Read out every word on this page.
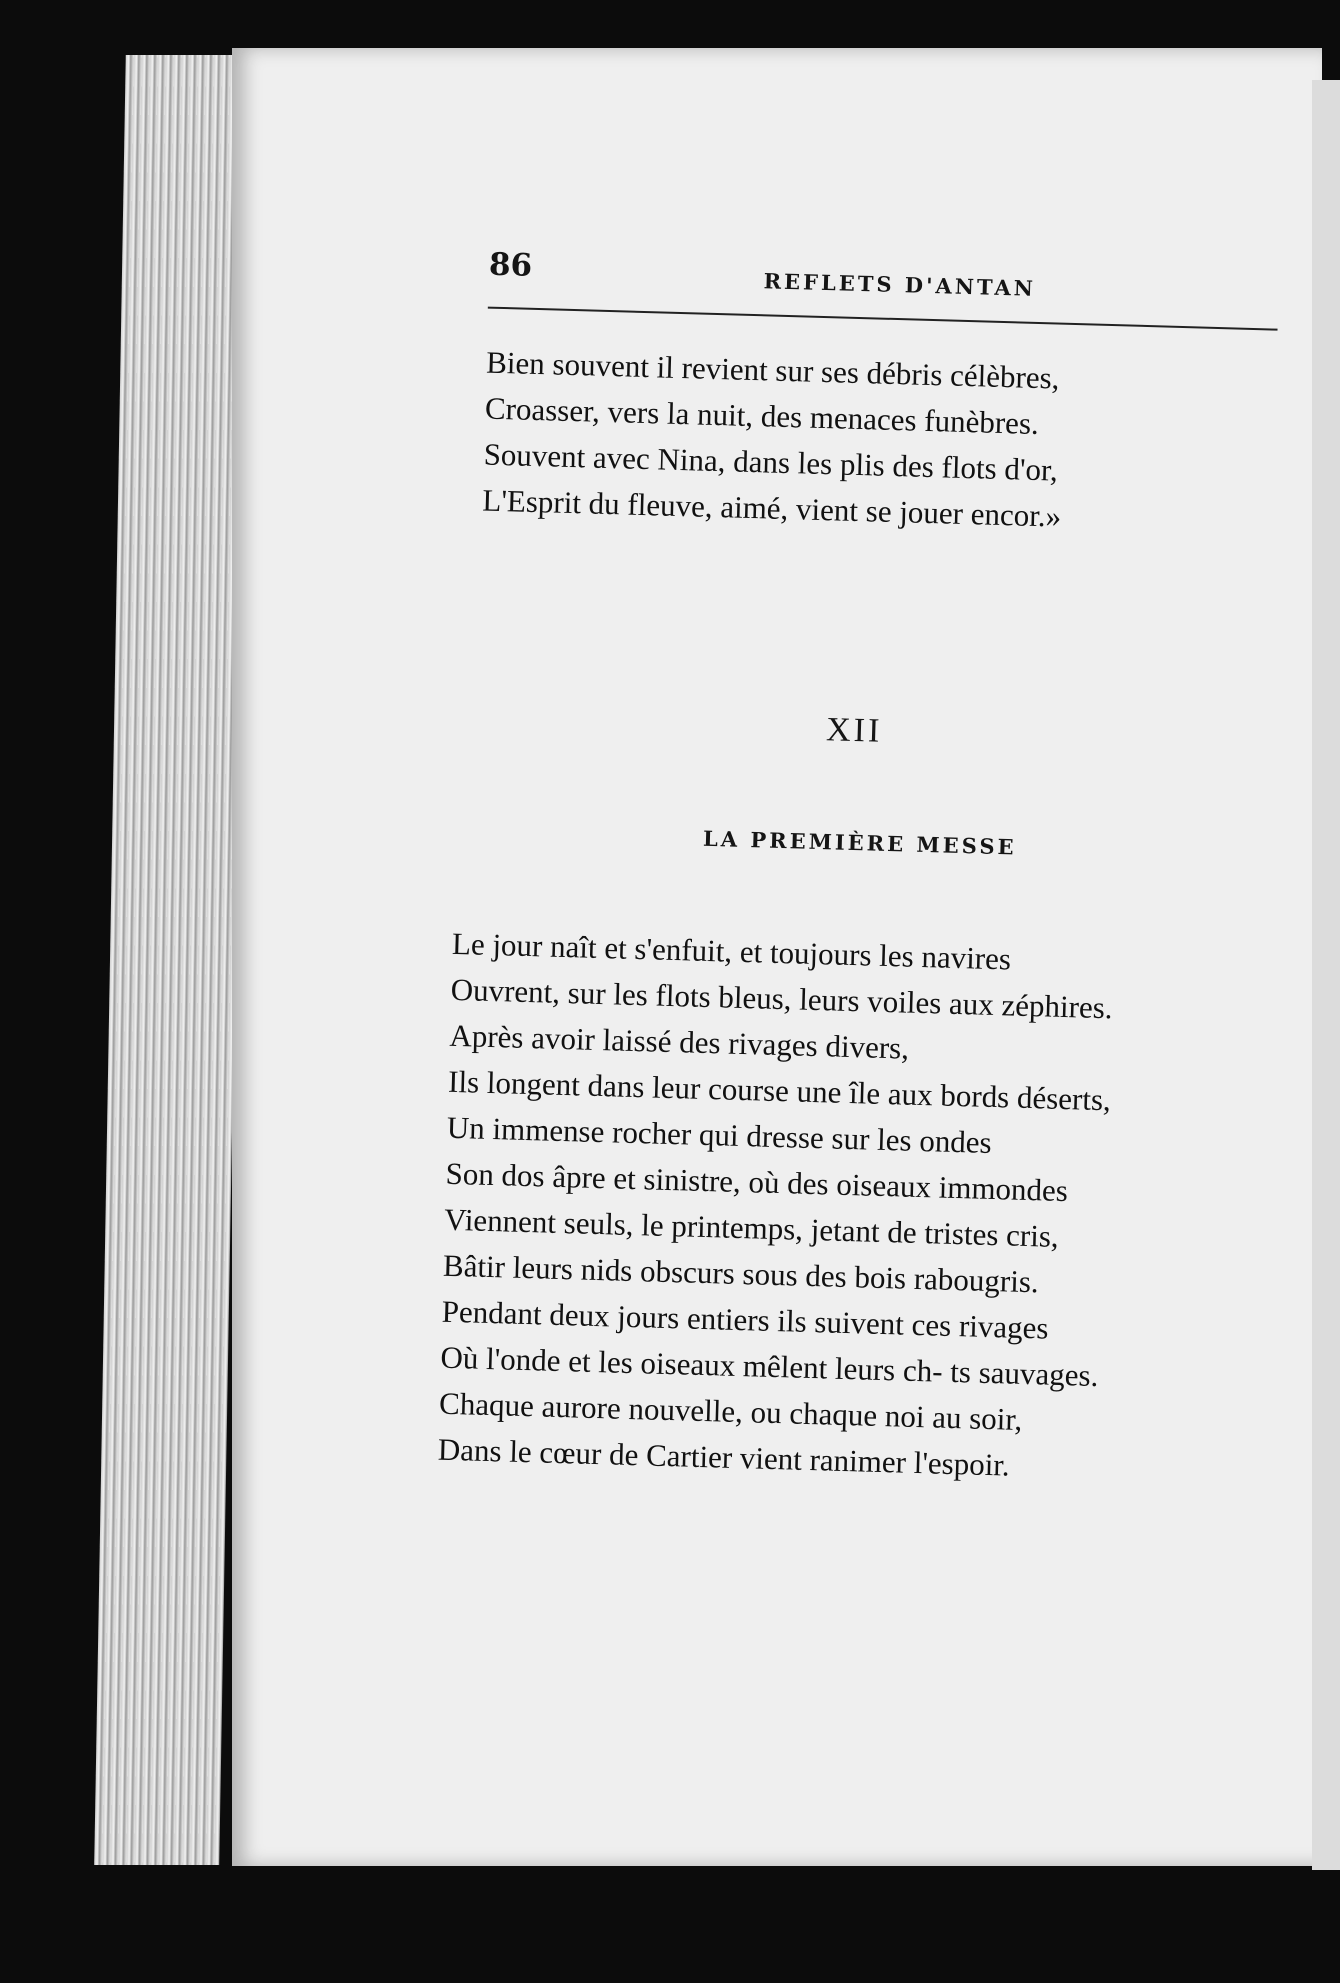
86
REFLETS D'ANTAN
Bien souvent il revient sur ses débris célèbres,
Croasser, vers la nuit, des menaces funèbres.
Souvent avec Nina, dans les plis des flots d'or,
L'Esprit du fleuve, aimé, vient se jouer encor.»
XII
LA PREMIÈRE MESSE
Le jour naît et s'enfuit, et toujours les navires
Ouvrent, sur les flots bleus, leurs voiles aux zéphires.
Après avoir laissé des rivages divers,
Ils longent dans leur course une île aux bords déserts,
Un immense rocher qui dresse sur les ondes
Son dos âpre et sinistre, où des oiseaux immondes
Viennent seuls, le printemps, jetant de tristes cris,
Bâtir leurs nids obscurs sous des bois rabougris.
Pendant deux jours entiers ils suivent ces rivages
Où l'onde et les oiseaux mêlent leurs ch- ts sauvages.
Chaque aurore nouvelle, ou chaque noi au soir,
Dans le cœur de Cartier vient ranimer l'espoir.
